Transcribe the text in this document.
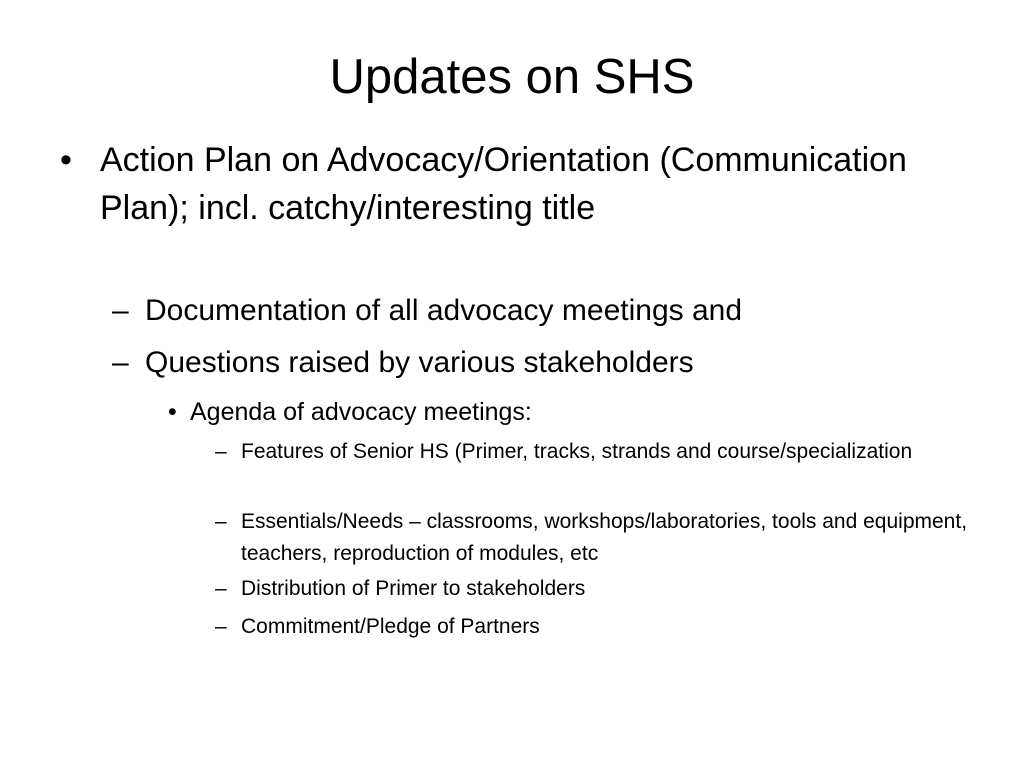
Updates on SHS
• Action Plan on Advocacy/Orientation (Communication Plan); incl. catchy/interesting title
– Documentation of all advocacy meetings and
– Questions raised by various stakeholders
• Agenda of advocacy meetings:
– Features of Senior HS (Primer, tracks, strands and course/specialization
– Essentials/Needs – classrooms, workshops/laboratories, tools and equipment, teachers, reproduction of modules, etc
– Distribution of Primer to stakeholders
– Commitment/Pledge of Partners
